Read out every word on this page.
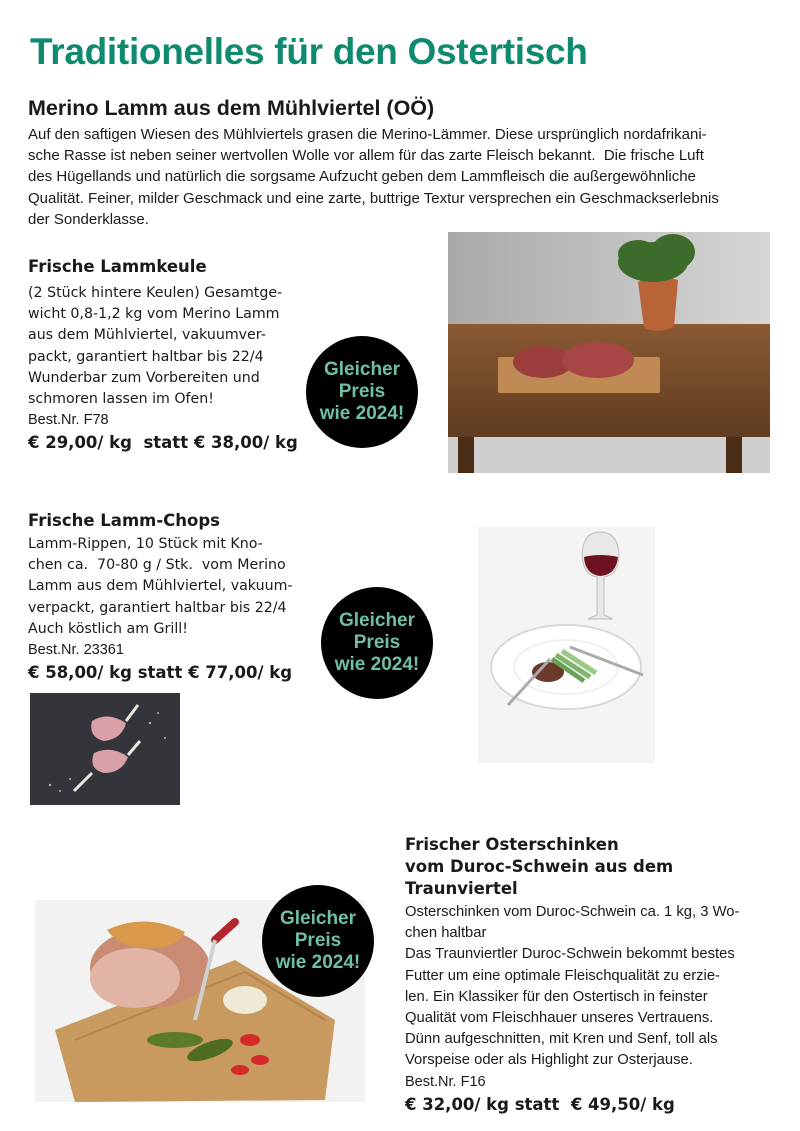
Traditionelles für den Ostertisch
Merino Lamm aus dem Mühlviertel (OÖ)
Auf den saftigen Wiesen des Mühlviertels grasen die Merino-Lämmer. Diese ursprünglich nordafrikani-
sche Rasse ist neben seiner wertvollen Wolle vor allem für das zarte Fleisch bekannt.  Die frische Luft
des Hügellands und natürlich die sorgsame Aufzucht geben dem Lammfleisch die außergewöhnliche
Qualität. Feiner, milder Geschmack und eine zarte, buttrige Textur versprechen ein Geschmackserlebnis
der Sonderklasse.
Frische Lammkeule
(2 Stück hintere Keulen) Gesamtge-
wicht 0,8-1,2 kg vom Merino Lamm
aus dem Mühlviertel, vakuumver-
packt, garantiert haltbar bis 22/4
Wunderbar zum Vorbereiten und
schmoren lassen im Ofen!
Best.Nr. F78
€ 29,00/ kg  statt € 38,00/ kg
Gleicher
Preis
wie 2024!
Frische Lamm-Chops
Lamm-Rippen, 10 Stück mit Kno-
chen ca.  70-80 g / Stk.  vom Merino
Lamm aus dem Mühlviertel, vakuum-
verpackt, garantiert haltbar bis 22/4
Auch köstlich am Grill!
Best.Nr. 23361
€ 58,00/ kg statt € 77,00/ kg
Gleicher
Preis
wie 2024!
Frischer Osterschinken
vom Duroc-Schwein aus dem Traunviertel
Osterschinken vom Duroc-Schwein ca. 1 kg, 3 Wo-
chen haltbar
Das Traunviertler Duroc-Schwein bekommt bestes
Futter um eine optimale Fleischqualität zu erzie-
len. Ein Klassiker für den Ostertisch in feinster
Qualität vom Fleischhauer unseres Vertrauens.
Dünn aufgeschnitten, mit Kren und Senf, toll als
Vorspeise oder als Highlight zur Osterjause.
Best.Nr. F16
€ 32,00/ kg statt  € 49,50/ kg
Gleicher
Preis
wie 2024!
